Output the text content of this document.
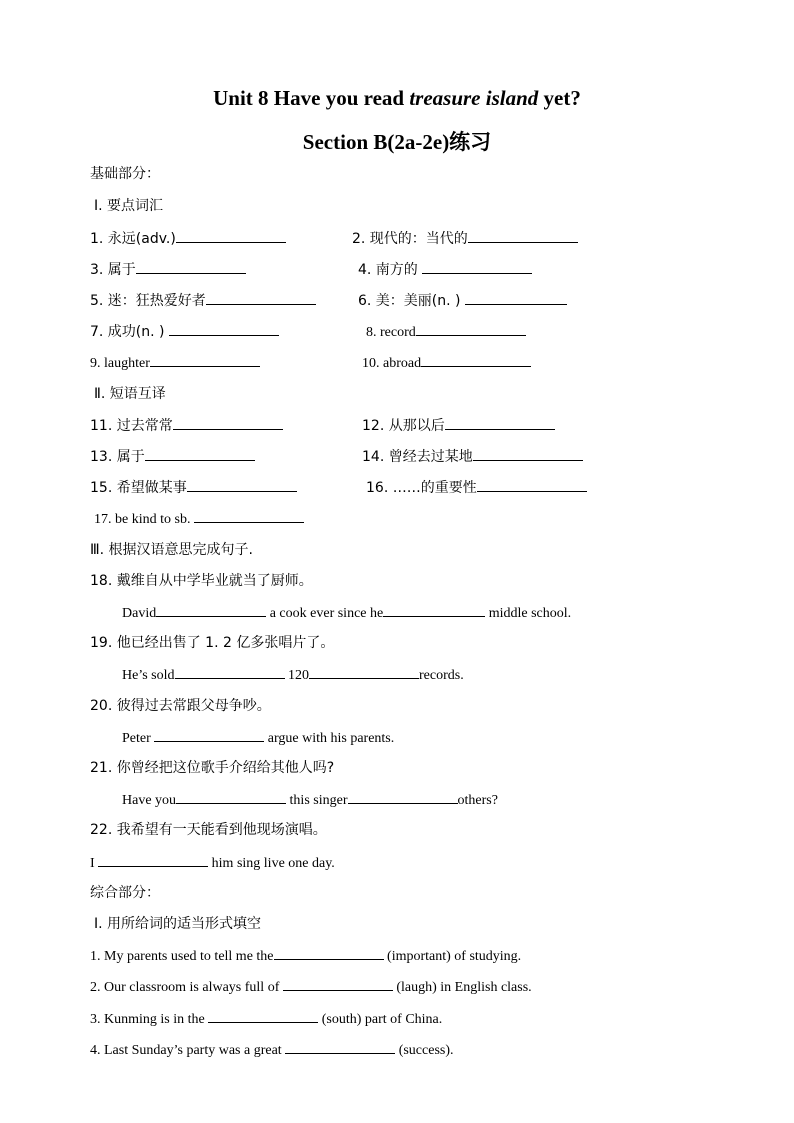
Unit 8 Have you read treasure island yet?
Section B(2a-2e)练习
基础部分：
Ⅰ. 要点词汇
1. 永远(adv.)	2. 现代的：当代的
3. 属于	4. 南方的
5. 迷：狂热爱好者	6. 美：美丽(n. )
7. 成功(n. )	8. record
9. laughter	10. abroad
Ⅱ. 短语互译
11. 过去常常	12. 从那以后
13. 属于	14. 曾经去过某地
15. 希望做某事	16. ……的重要性
17. be kind to sb.
Ⅲ. 根据汉语意思完成句子.
18. 戴维自从中学毕业就当了厨师。
David	a cook ever since he	middle school.
19. 他已经出售了 1. 2 亿多张唱片了。
He’s sold	120	records.
20. 彼得过去常跟父母争吵。
Peter	argue with his parents.
21. 你曾经把这位歌手介绍给其他人吗?
Have you	this singer	others?
22. 我希望有一天能看到他现场演唱。
I	him sing live one day.
综合部分：
Ⅰ. 用所给词的适当形式填空
1. My parents used to tell me the	(important) of studying.
2. Our classroom is always full of	(laugh) in English class.
3. Kunming is in the	(south) part of China.
4. Last Sunday’s party was a great	(success).
